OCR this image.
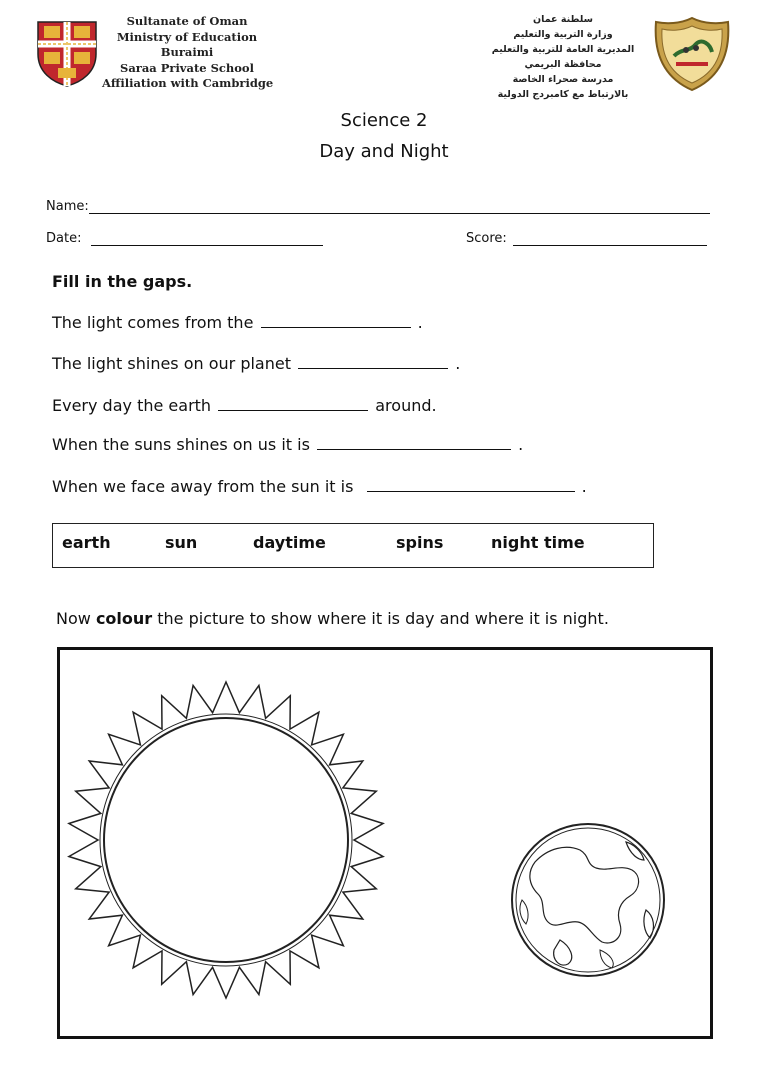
Sultanate of Oman
Ministry of Education
Buraimi
Saraa Private School
Affiliation with Cambridge
سلطنة عمان
وزارة التربية والتعليم
المديرية العامة للتربية والتعليم
محافظة البريمي
مدرسة صحراء الخاصة
بالارتباط مع كامبردج الدولية
Science 2
Day and Night
Name:
Date:	Score:
Fill in the gaps.
The light comes from the	.
The light shines on our planet	.
Every day the earth	around.
When the suns shines on us it is	.
When we face away from the sun it is	.
earth	sun	daytime	spins	night time
Now colour the picture to show where it is day and where it is night.
